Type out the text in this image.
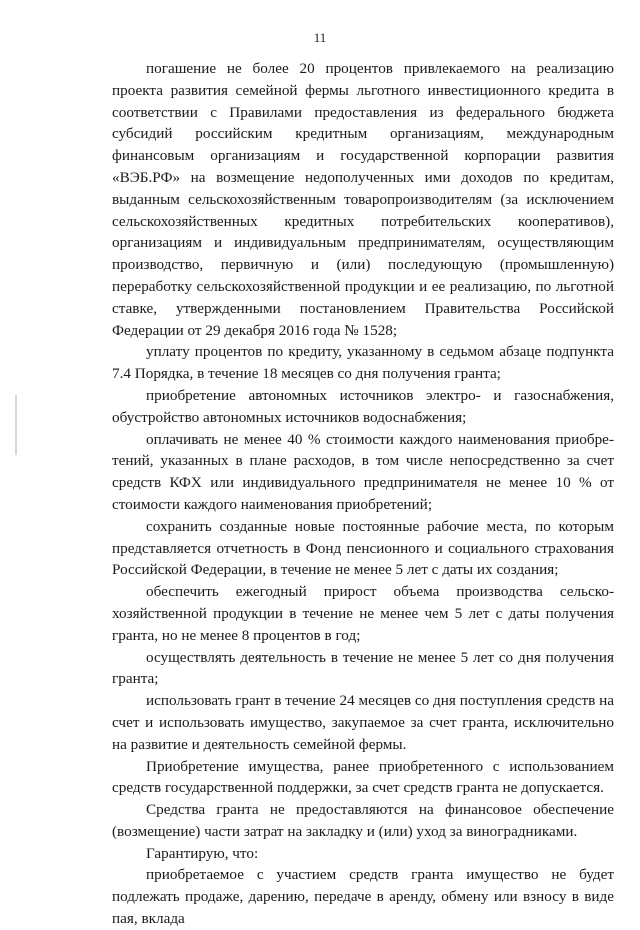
11

погашение не более 20 процентов привлекаемого на реализацию проекта развития семейной фермы льготного инвестиционного кредита в соответствии с Правилами предоставления из федерального бюджета субсидий российским кредитным организациям, международным финансовым организациям и государственной корпорации развития «ВЭБ.РФ» на возмещение недополученных ими доходов по кредитам, выданным сельскохозяйственным товаропроизводителям (за исключением сельскохозяйственных кредитных потребительских кооперативов), организациям и индивидуальным предпринимателям, осуществляющим производство, первичную и (или) последующую (промышленную) переработку сельскохозяйственной продукции и ее реализацию, по льготной ставке, утвержденными постановлением Правительства Российской Федерации от 29 декабря 2016 года № 1528;

уплату процентов по кредиту, указанному в седьмом абзаце подпункта 7.4 Порядка, в течение 18 месяцев со дня получения гранта;

приобретение автономных источников электро- и газоснабжения, обустройство автономных источников водоснабжения;

оплачивать не менее 40 % стоимости каждого наименования приобретений, указанных в плане расходов, в том числе непосредственно за счет средств КФХ или индивидуального предпринимателя не менее 10 % от стоимости каждого наименования приобретений;

сохранить созданные новые постоянные рабочие места, по которым представляется отчетность в Фонд пенсионного и социального страхования Российской Федерации, в течение не менее 5 лет с даты их создания;

обеспечить ежегодный прирост объема производства сельскохозяйственной продукции в течение не менее чем 5 лет с даты получения гранта, но не менее 8 процентов в год;

осуществлять деятельность в течение не менее 5 лет со дня получения гранта;

использовать грант в течение 24 месяцев со дня поступления средств на счет и использовать имущество, закупаемое за счет гранта, исключительно на развитие и деятельность семейной фермы.

Приобретение имущества, ранее приобретенного с использованием средств государственной поддержки, за счет средств гранта не допускается.

Средства гранта не предоставляются на финансовое обеспечение (возмещение) части затрат на закладку и (или) уход за виноградниками.

Гарантирую, что:

приобретаемое с участием средств гранта имущество не будет подлежать продаже, дарению, передаче в аренду, обмену или взносу в виде пая, вклада
